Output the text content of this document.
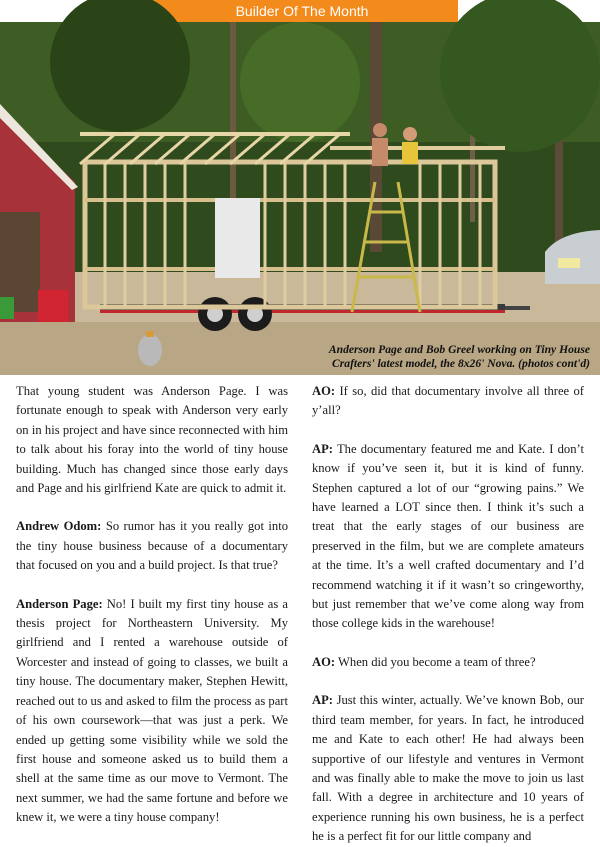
Builder Of The Month
Anderson Page and Bob Greel working on Tiny House
Crafters' latest model, the 8x26' Nova. (photos cont'd)

That young student was Anderson Page. I was fortunate enough to speak with Anderson very early on in his project and have since reconnected with him to talk about his foray into the world of tiny house building. Much has changed since those early days and Page and his girlfriend Kate are quick to admit it.

Andrew Odom: So rumor has it you really got into the tiny house business because of a documentary that focused on you and a build project. Is that true?

Anderson Page: No! I built my first tiny house as a thesis project for Northeastern University. My girlfriend and I rented a warehouse outside of Worcester and instead of going to classes, we built a tiny house. The documentary maker, Stephen Hewitt, reached out to us and asked to film the process as part of his own coursework—that was just a perk. We ended up getting some visibility while we sold the first house and someone asked us to build them a shell at the same time as our move to Vermont. The next summer, we had the same fortune and before we knew it, we were a tiny house company!

AO: If so, did that documentary involve all three of y’all?

AP: The documentary featured me and Kate. I don’t know if you’ve seen it, but it is kind of funny. Stephen captured a lot of our “growing pains.” We have learned a LOT since then. I think it’s such a treat that the early stages of our business are preserved in the film, but we are complete amateurs at the time. It’s a well crafted documentary and I’d recommend watching it if it wasn’t so cringeworthy, but just remember that we’ve come along way from those college kids in the warehouse!

AO: When did you become a team of three?

AP: Just this winter, actually. We’ve known Bob, our third team member, for years. In fact, he introduced me and Kate to each other! He had always been supportive of our lifestyle and ventures in Vermont and was finally able to make the move to join us last fall. With a degree in architecture and 10 years of experience running his own business, he is a perfect he is a perfect fit for our little company and
